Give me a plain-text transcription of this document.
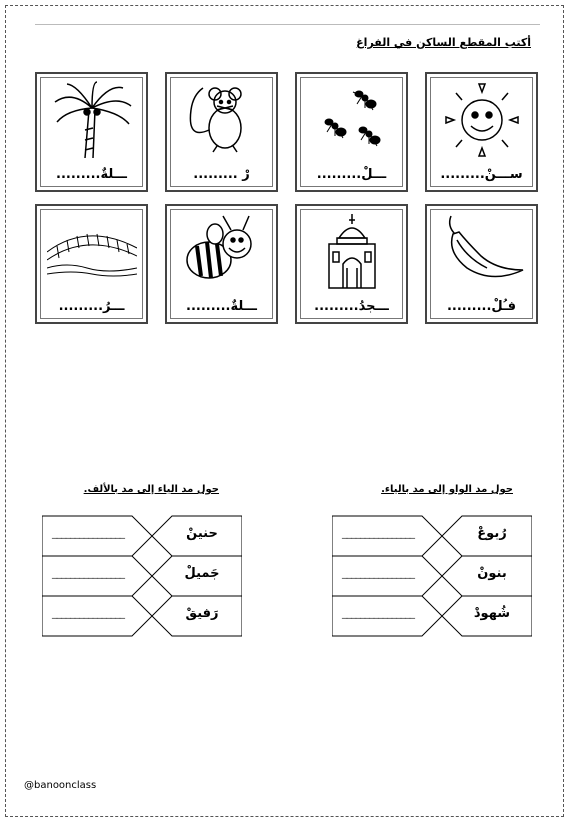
أكتب المقطع الساكن في الفراغ
ســـنْ.........
ـــلْ.........
رْ .........
ـــلةٌ.........
فـُلْ.........
ـــجدُ.........
ـــلةٌ.........
ـــرُ.........
حول مد الواو إلى مد بالياء.
حول مد الياء إلى مد بالألف.
رُبوعْ
بنونْ
شُهودْ
________________
________________
________________
حنينْ
جَميلْ
رَفيقْ
________________
________________
________________
@banoonclass
